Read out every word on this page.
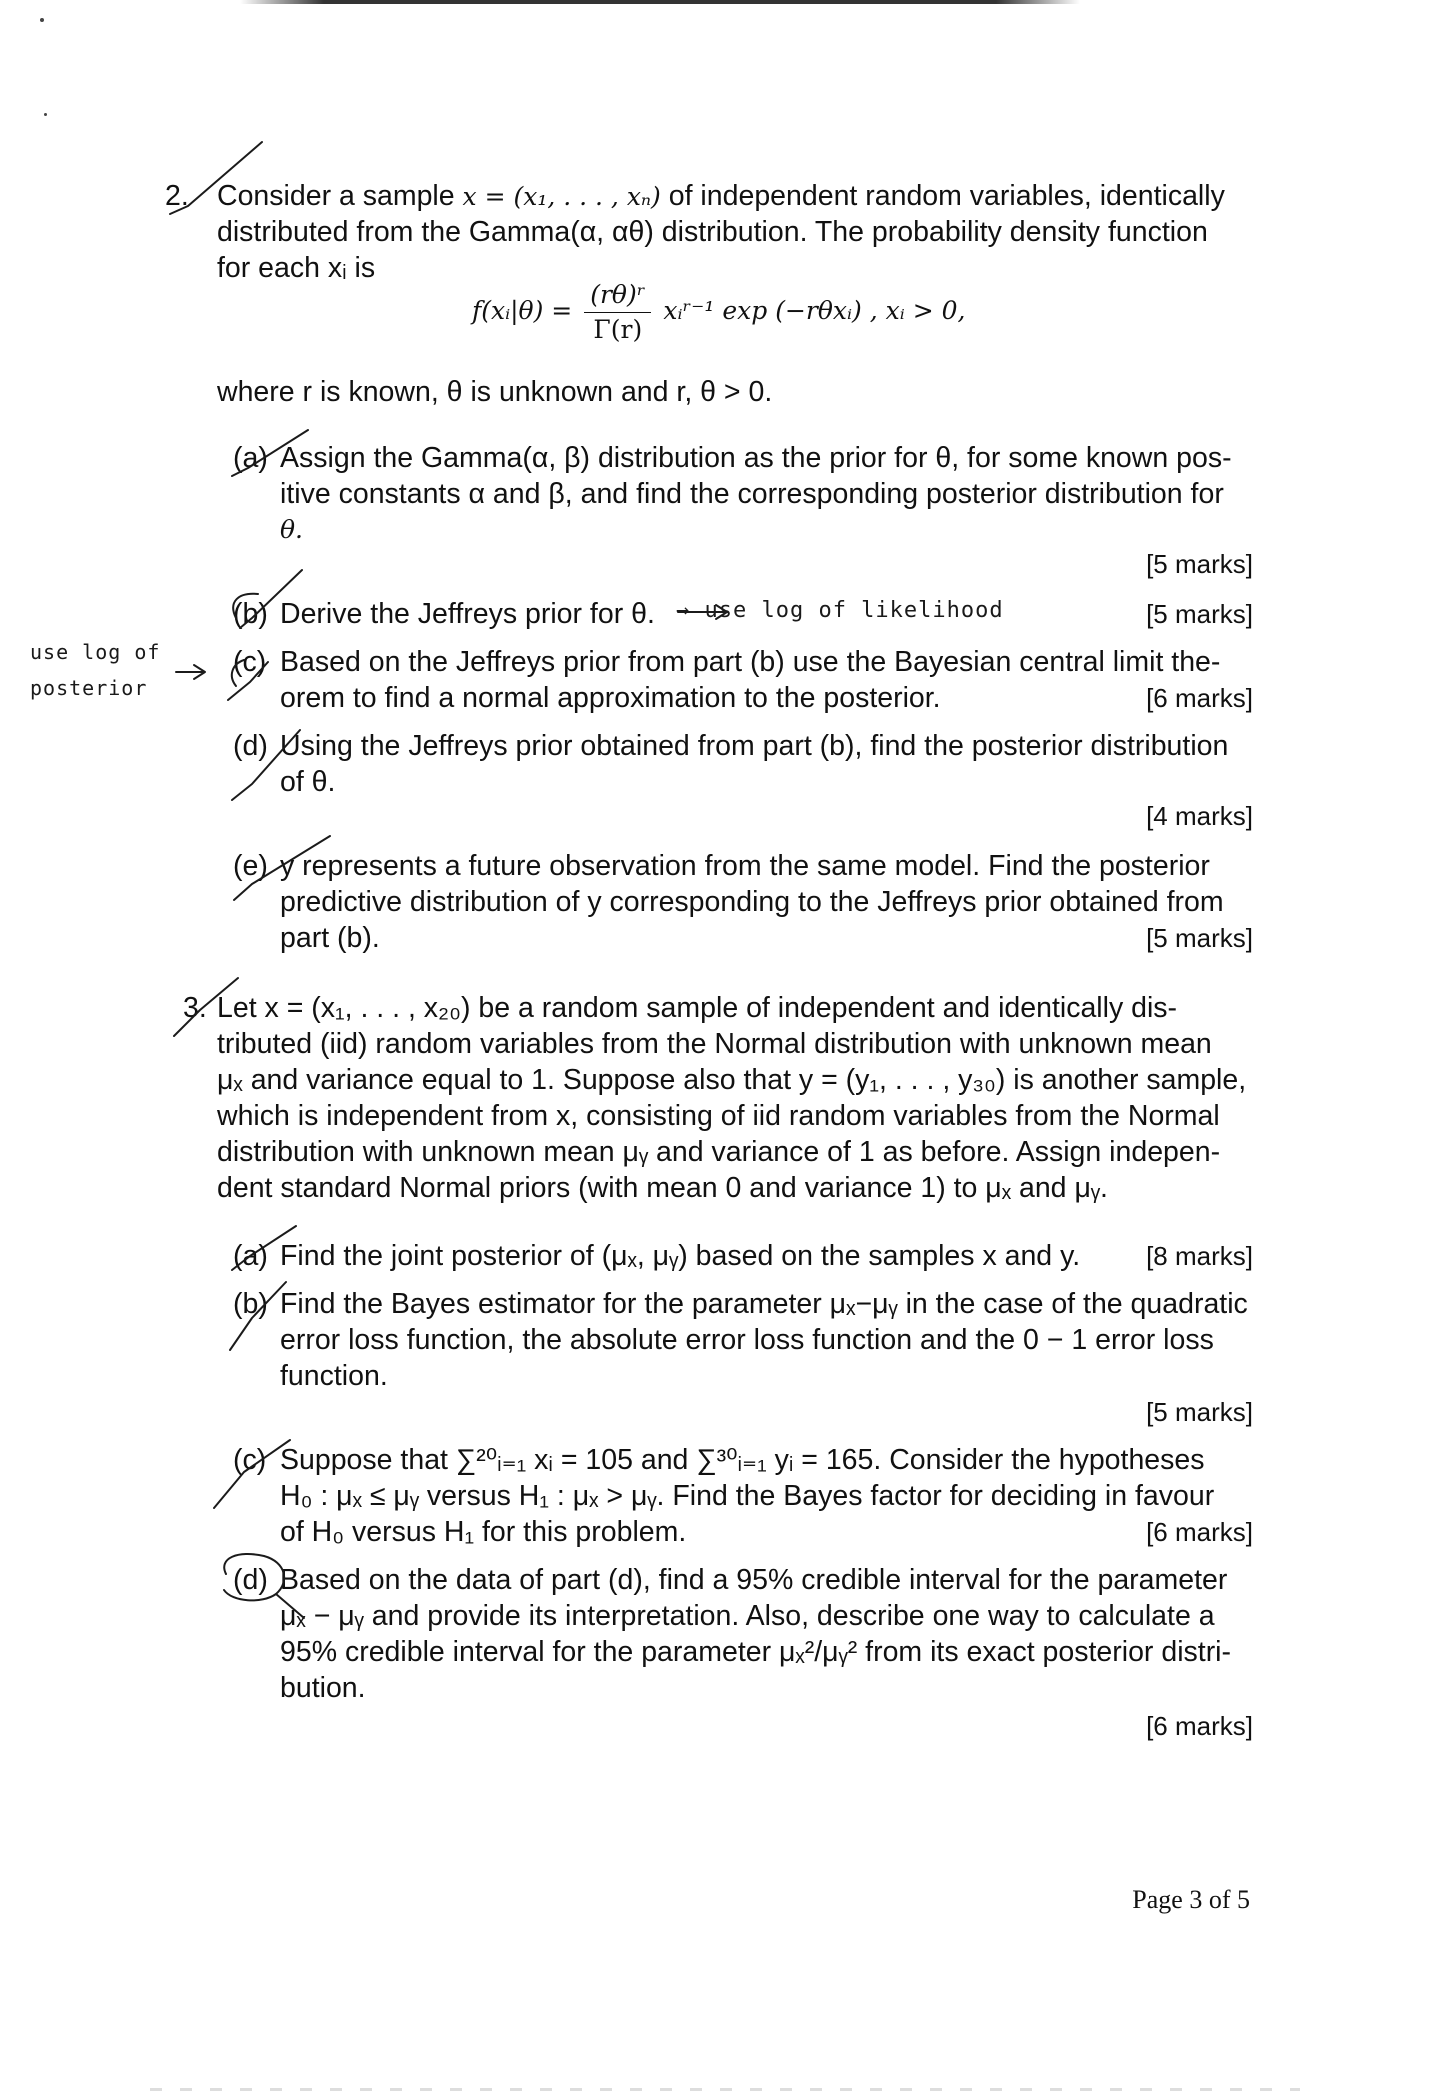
2. Consider a sample x = (x₁, . . . , xₙ) of independent random variables, identically
distributed from the Gamma(α, αθ) distribution. The probability density function
for each xᵢ is
f(xᵢ|θ) = $\frac{\text{(rθ)ʳ}}{\Gamma(r)}$ xᵢʳ⁻¹ exp (−rθxᵢ) , xᵢ > 0,
where r is known, θ is unknown and r, θ > 0.
(a) Assign the Gamma(α, β) distribution as the prior for θ, for some known pos-
itive constants α and β, and find the corresponding posterior distribution for
θ.
[5 marks]
(b) Derive the Jeffreys prior for θ.	[5 marks]
→ use log of likelihood
use log of
posterior
(c) Based on the Jeffreys prior from part (b) use the Bayesian central limit the-
orem to find a normal approximation to the posterior.	[6 marks]
(d) Using the Jeffreys prior obtained from part (b), find the posterior distribution
of θ.
[4 marks]
(e) y represents a future observation from the same model. Find the posterior
predictive distribution of y corresponding to the Jeffreys prior obtained from
part (b).	[5 marks]
3. Let x = (x₁, . . . , x₂₀) be a random sample of independent and identically dis-
tributed (iid) random variables from the Normal distribution with unknown mean
μₓ and variance equal to 1. Suppose also that y = (y₁, . . . , y₃₀) is another sample,
which is independent from x, consisting of iid random variables from the Normal
distribution with unknown mean μᵧ and variance of 1 as before. Assign indepen-
dent standard Normal priors (with mean 0 and variance 1) to μₓ and μᵧ.
(a) Find the joint posterior of (μₓ, μᵧ) based on the samples x and y.	[8 marks]
(b) Find the Bayes estimator for the parameter μₓ−μᵧ in the case of the quadratic
error loss function, the absolute error loss function and the 0 − 1 error loss
function.
[5 marks]
(c) Suppose that ∑²⁰ᵢ₌₁ xᵢ = 105 and ∑³⁰ᵢ₌₁ yᵢ = 165. Consider the hypotheses
H₀ : μₓ ≤ μᵧ versus H₁ : μₓ > μᵧ. Find the Bayes factor for deciding in favour
of H₀ versus H₁ for this problem.	[6 marks]
(d) Based on the data of part (d), find a 95% credible interval for the parameter
μₓ − μᵧ and provide its interpretation. Also, describe one way to calculate a
95% credible interval for the parameter μₓ²/μᵧ² from its exact posterior distri-
bution.
[6 marks]
Page 3 of 5
